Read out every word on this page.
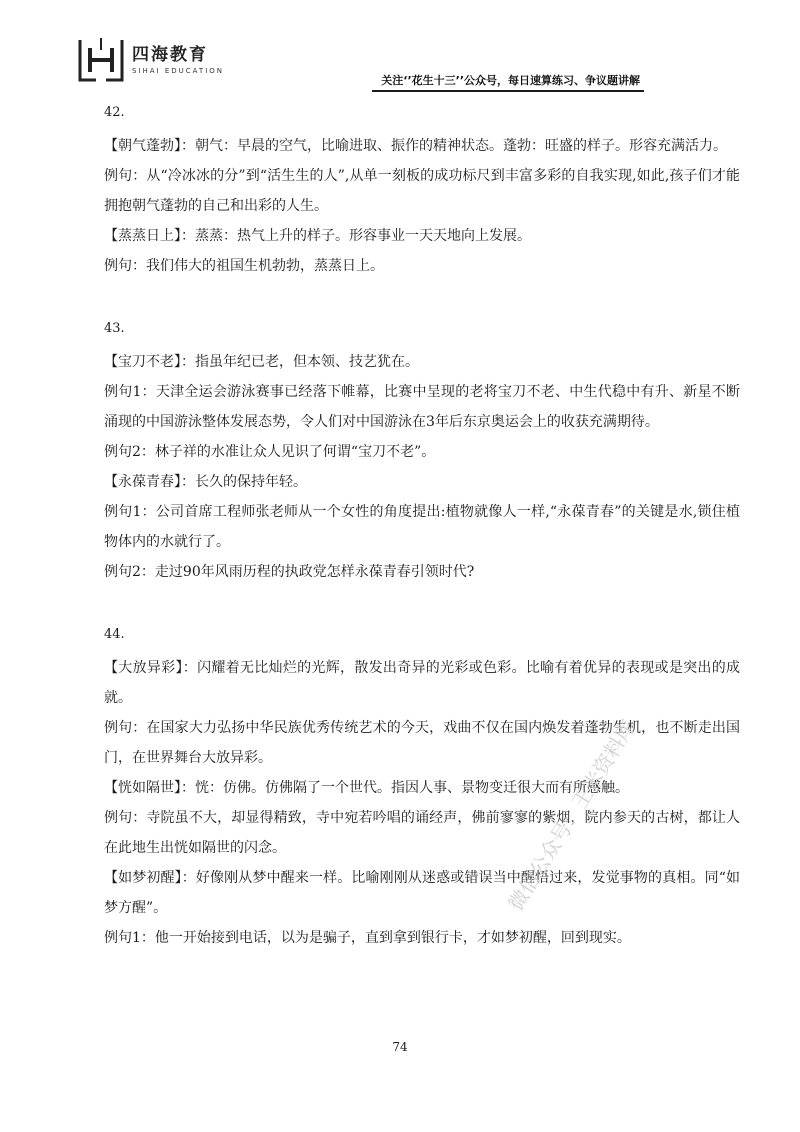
四海教育
SIHAI EDUCATION
关注‘’花生十三’’公众号，每日速算练习、争议题讲解
42.
【朝气蓬勃】：朝气：早晨的空气，比喻进取、振作的精神状态。蓬勃：旺盛的样子。形容充满活力。
例句：从“冷冰冰的分”到“活生生的人”,从单一刻板的成功标尺到丰富多彩的自我实现,如此,孩子们才能拥抱朝气蓬勃的自己和出彩的人生。
【蒸蒸日上】：蒸蒸：热气上升的样子。形容事业一天天地向上发展。
例句：我们伟大的祖国生机勃勃，蒸蒸日上。
43.
【宝刀不老】：指虽年纪已老，但本领、技艺犹在。
例句1：天津全运会游泳赛事已经落下帷幕，比赛中呈现的老将宝刀不老、中生代稳中有升、新星不断涌现的中国游泳整体发展态势，令人们对中国游泳在3年后东京奥运会上的收获充满期待。
例句2：林子祥的水准让众人见识了何谓“宝刀不老”。
【永葆青春】：长久的保持年轻。
例句1：公司首席工程师张老师从一个女性的角度提出:植物就像人一样,“永葆青春”的关键是水,锁住植物体内的水就行了。
例句2：走过90年风雨历程的执政党怎样永葆青春引领时代?
44.
【大放异彩】：闪耀着无比灿烂的光辉，散发出奇异的光彩或色彩。比喻有着优异的表现或是突出的成就。
例句：在国家大力弘扬中华民族优秀传统艺术的今天，戏曲不仅在国内焕发着蓬勃生机，也不断走出国门，在世界舞台大放异彩。
【恍如隔世】：恍：仿佛。仿佛隔了一个世代。指因人事、景物变迁很大而有所感触。
例句：寺院虽不大，却显得精致，寺中宛若吟唱的诵经声，佛前寥寥的紫烟，院内参天的古树，都让人在此地生出恍如隔世的闪念。
【如梦初醒】：好像刚从梦中醒来一样。比喻刚刚从迷惑或错误当中醒悟过来，发觉事物的真相。同“如梦方醒”。
例句1：他一开始接到电话，以为是骗子，直到拿到银行卡，才如梦初醒，回到现实。
74
微信公众号：王米资料库
